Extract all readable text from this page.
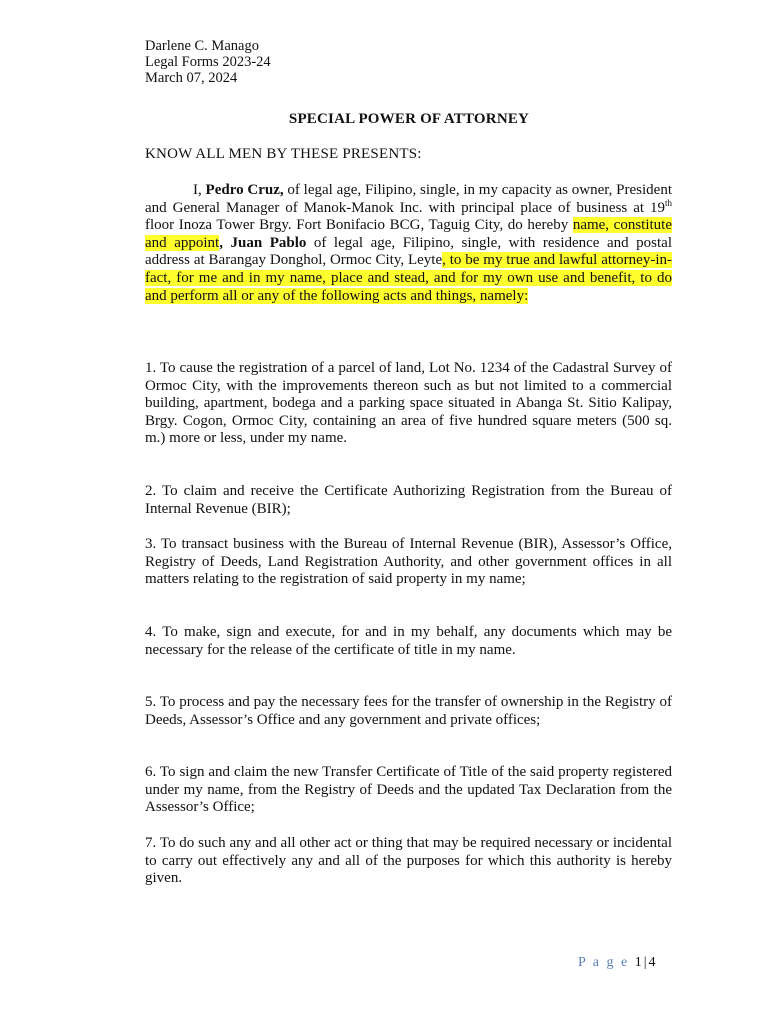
Darlene C. Manago
Legal Forms 2023-24
March 07, 2024
SPECIAL POWER OF ATTORNEY
KNOW ALL MEN BY THESE PRESENTS:
I, Pedro Cruz, of legal age, Filipino, single, in my capacity as owner, President and General Manager of Manok-Manok Inc. with principal place of business at 19th floor Inoza Tower Brgy. Fort Bonifacio BCG, Taguig City, do hereby name, constitute and appoint, Juan Pablo of legal age, Filipino, single, with residence and postal address at Barangay Donghol, Ormoc City, Leyte, to be my true and lawful attorney-in-fact, for me and in my name, place and stead, and for my own use and benefit, to do and perform all or any of the following acts and things, namely:

1. To cause the registration of a parcel of land, Lot No. 1234 of the Cadastral Survey of Ormoc City, with the improvements thereon such as but not limited to a commercial building, apartment, bodega and a parking space situated in Abanga St. Sitio Kalipay, Brgy. Cogon, Ormoc City, containing an area of five hundred square meters (500 sq. m.) more or less, under my name.

2. To claim and receive the Certificate Authorizing Registration from the Bureau of Internal Revenue (BIR);

3. To transact business with the Bureau of Internal Revenue (BIR), Assessor’s Office, Registry of Deeds, Land Registration Authority, and other government offices in all matters relating to the registration of said property in my name;

4. To make, sign and execute, for and in my behalf, any documents which may be necessary for the release of the certificate of title in my name.

5. To process and pay the necessary fees for the transfer of ownership in the Registry of Deeds, Assessor’s Office and any government and private offices;

6. To sign and claim the new Transfer Certificate of Title of the said property registered under my name, from the Registry of Deeds and the updated Tax Declaration from the Assessor’s Office;

7. To do such any and all other act or thing that may be required necessary or incidental to carry out effectively any and all of the purposes for which this authority is hereby given.

P a g e 1|4
